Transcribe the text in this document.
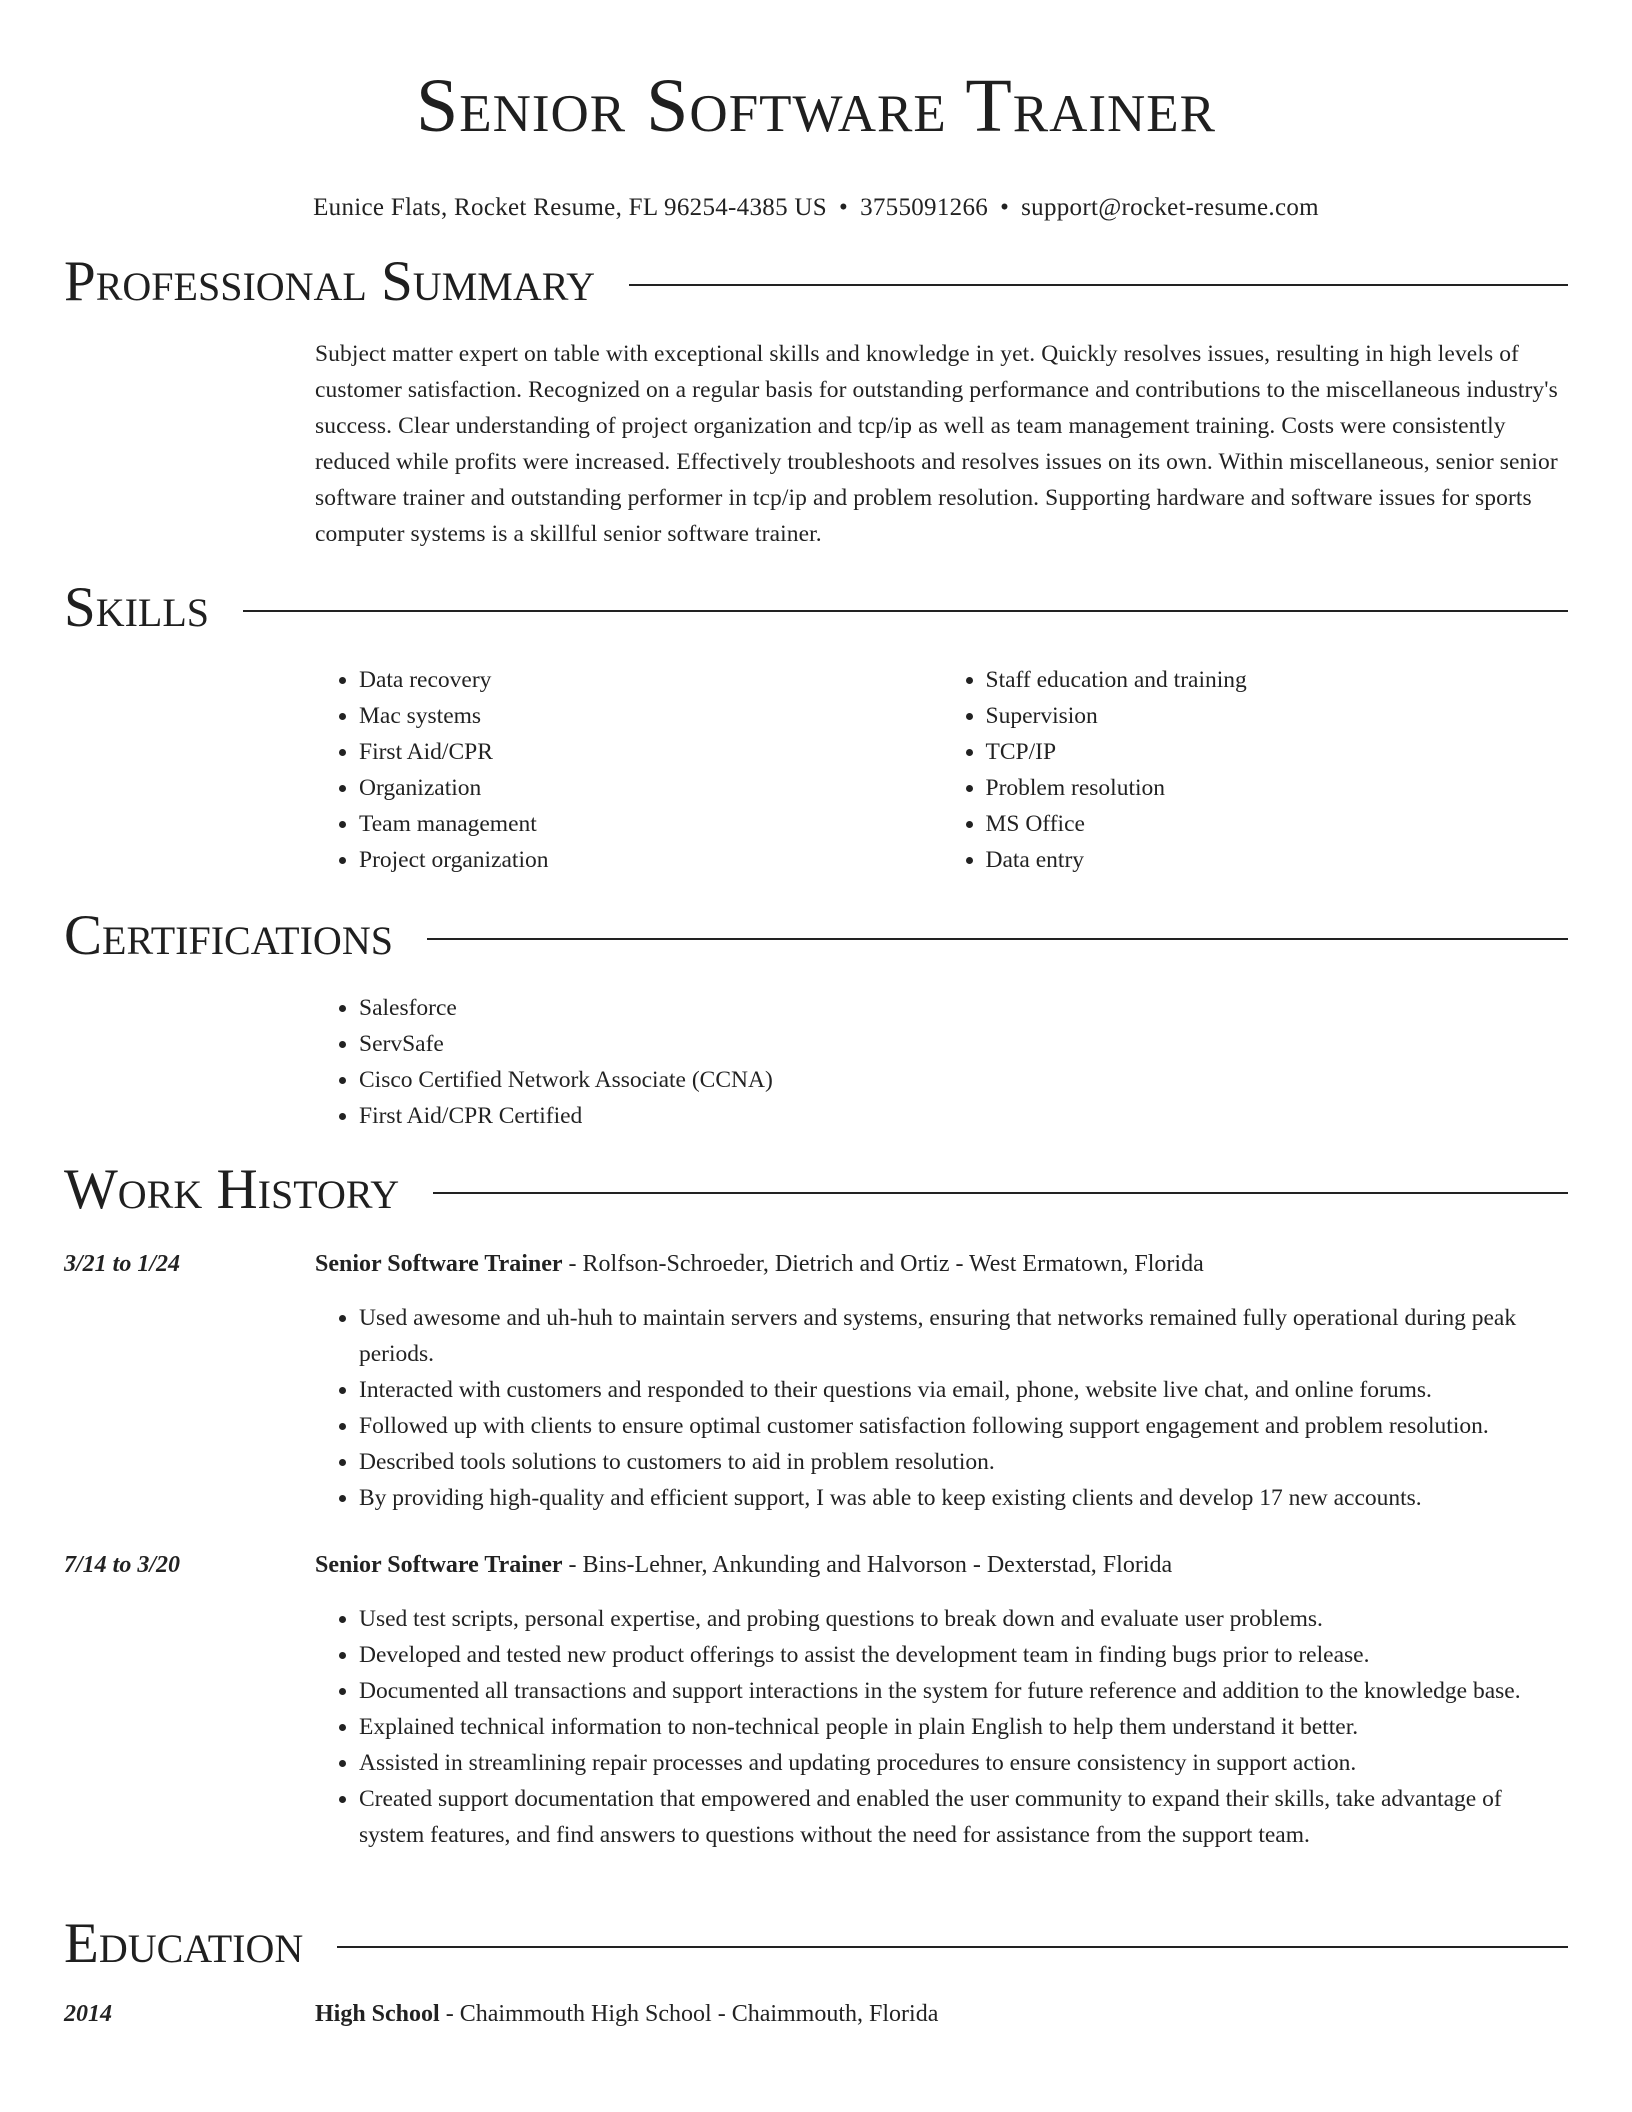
Senior Software Trainer
Eunice Flats, Rocket Resume, FL 96254-4385 US • 3755091266 • support@rocket-resume.com
Professional Summary

Subject matter expert on table with exceptional skills and knowledge in yet. Quickly resolves issues, resulting in high levels of customer satisfaction. Recognized on a regular basis for outstanding performance and contributions to the miscellaneous industry's success. Clear understanding of project organization and tcp/ip as well as team management training. Costs were consistently reduced while profits were increased. Effectively troubleshoots and resolves issues on its own. Within miscellaneous, senior senior software trainer and outstanding performer in tcp/ip and problem resolution. Supporting hardware and software issues for sports computer systems is a skillful senior software trainer.

Skills
• Data recovery
• Mac systems
• First Aid/CPR
• Organization
• Team management
• Project organization
• Staff education and training
• Supervision
• TCP/IP
• Problem resolution
• MS Office
• Data entry
Certifications
• Salesforce
• ServSafe
• Cisco Certified Network Associate (CCNA)
• First Aid/CPR Certified
Work History
3/21 to 1/24	Senior Software Trainer - Rolfson-Schroeder, Dietrich and Ortiz - West Ermatown, Florida
• Used awesome and uh-huh to maintain servers and systems, ensuring that networks remained fully operational during peak periods.
• Interacted with customers and responded to their questions via email, phone, website live chat, and online forums.
• Followed up with clients to ensure optimal customer satisfaction following support engagement and problem resolution.
• Described tools solutions to customers to aid in problem resolution.
• By providing high-quality and efficient support, I was able to keep existing clients and develop 17 new accounts.
7/14 to 3/20	Senior Software Trainer - Bins-Lehner, Ankunding and Halvorson - Dexterstad, Florida
• Used test scripts, personal expertise, and probing questions to break down and evaluate user problems.
• Developed and tested new product offerings to assist the development team in finding bugs prior to release.
• Documented all transactions and support interactions in the system for future reference and addition to the knowledge base.
• Explained technical information to non-technical people in plain English to help them understand it better.
• Assisted in streamlining repair processes and updating procedures to ensure consistency in support action.
• Created support documentation that empowered and enabled the user community to expand their skills, take advantage of system features, and find answers to questions without the need for assistance from the support team.
Education
2014	High School - Chaimmouth High School - Chaimmouth, Florida
